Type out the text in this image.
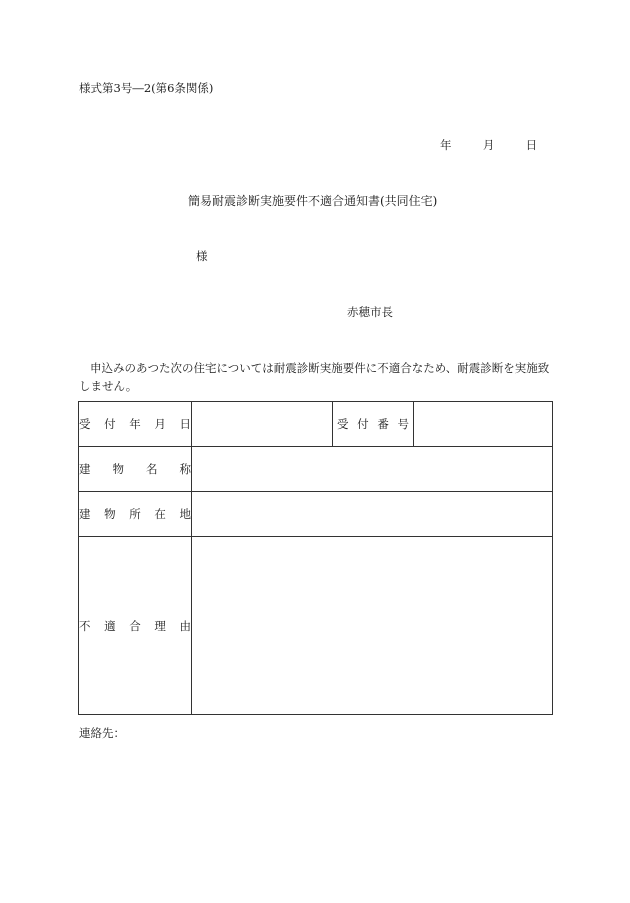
様式第3号―2(第6条関係)
年	月	日
簡易耐震診断実施要件不適合通知書(共同住宅)
様
赤穂市長
申込みのあつた次の住宅については耐震診断実施要件に不適合なため、耐震診断を実施致しません。
受 付 年 月 日		受 付 番 号	

建 物 名 称			

建 物 所 在 地			

不 適 合 理 由			

連絡先：
